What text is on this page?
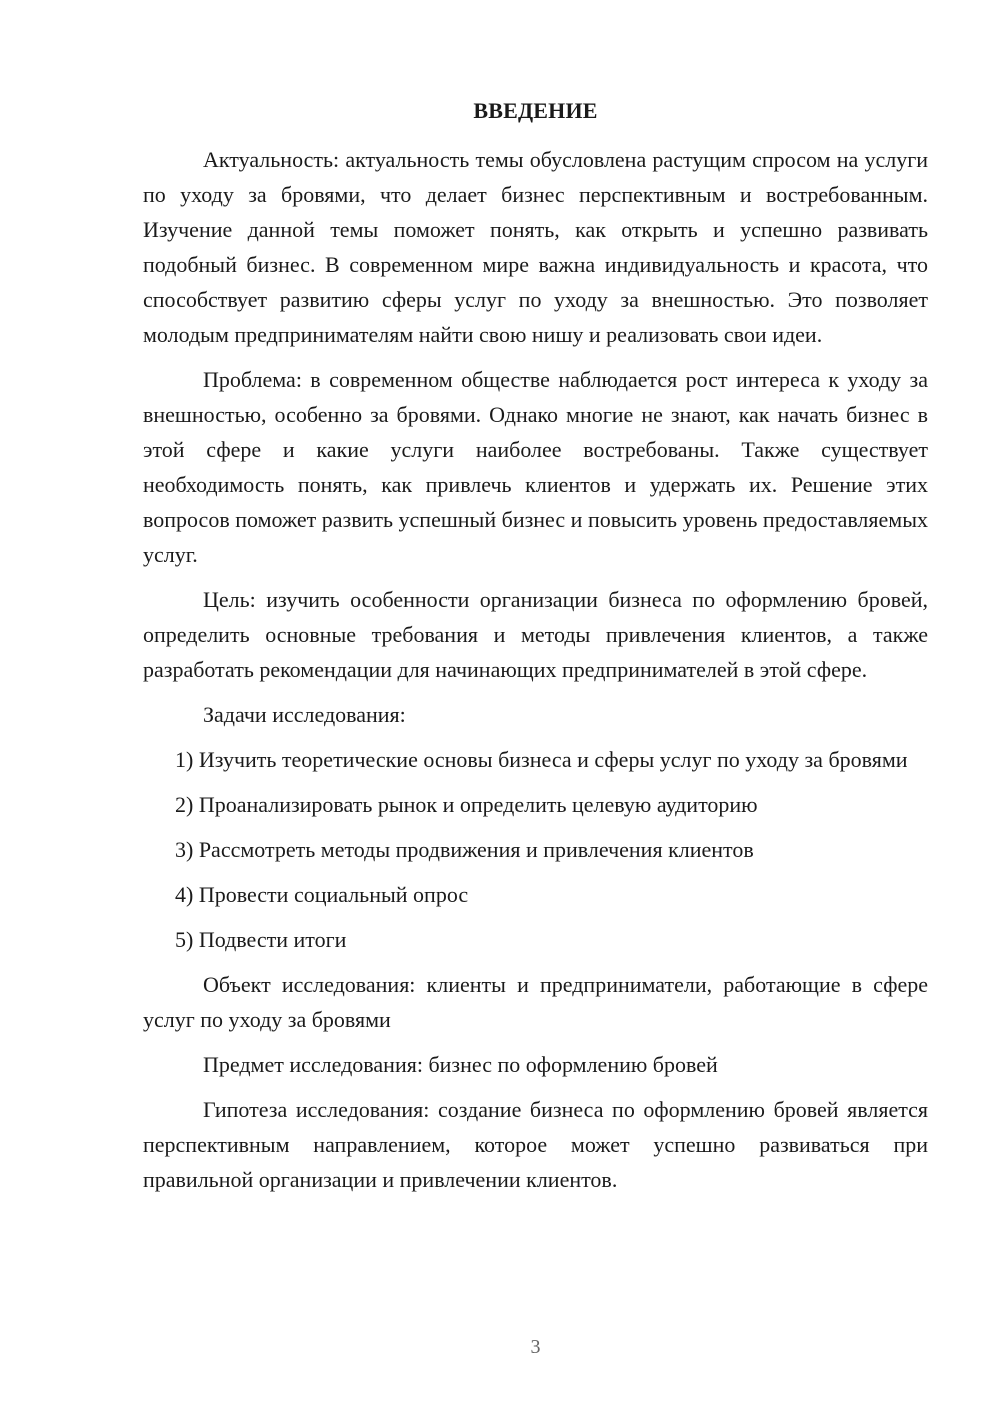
ВВЕДЕНИЕ

Актуальность: актуальность темы обусловлена растущим спросом на услуги по уходу за бровями, что делает бизнес перспективным и востребованным. Изучение данной темы поможет понять, как открыть и успешно развивать подобный бизнес. В современном мире важна индивидуальность и красота, что способствует развитию сферы услуг по уходу за внешностью. Это позволяет молодым предпринимателям найти свою нишу и реализовать свои идеи.

Проблема: в современном обществе наблюдается рост интереса к уходу за внешностью, особенно за бровями. Однако многие не знают, как начать бизнес в этой сфере и какие услуги наиболее востребованы. Также существует необходимость понять, как привлечь клиентов и удержать их. Решение этих вопросов поможет развить успешный бизнес и повысить уровень предоставляемых услуг.

Цель: изучить особенности организации бизнеса по оформлению бровей, определить основные требования и методы привлечения клиентов, а также разработать рекомендации для начинающих предпринимателей в этой сфере.

Задачи исследования:

1) Изучить теоретические основы бизнеса и сферы услуг по уходу за бровями

2) Проанализировать рынок и определить целевую аудиторию

3) Рассмотреть методы продвижения и привлечения клиентов

4) Провести социальный опрос

5) Подвести итоги

Объект исследования: клиенты и предприниматели, работающие в сфере услуг по уходу за бровями

Предмет исследования: бизнес по оформлению бровей

Гипотеза исследования: создание бизнеса по оформлению бровей является перспективным направлением, которое может успешно развиваться при правильной организации и привлечении клиентов.

3
